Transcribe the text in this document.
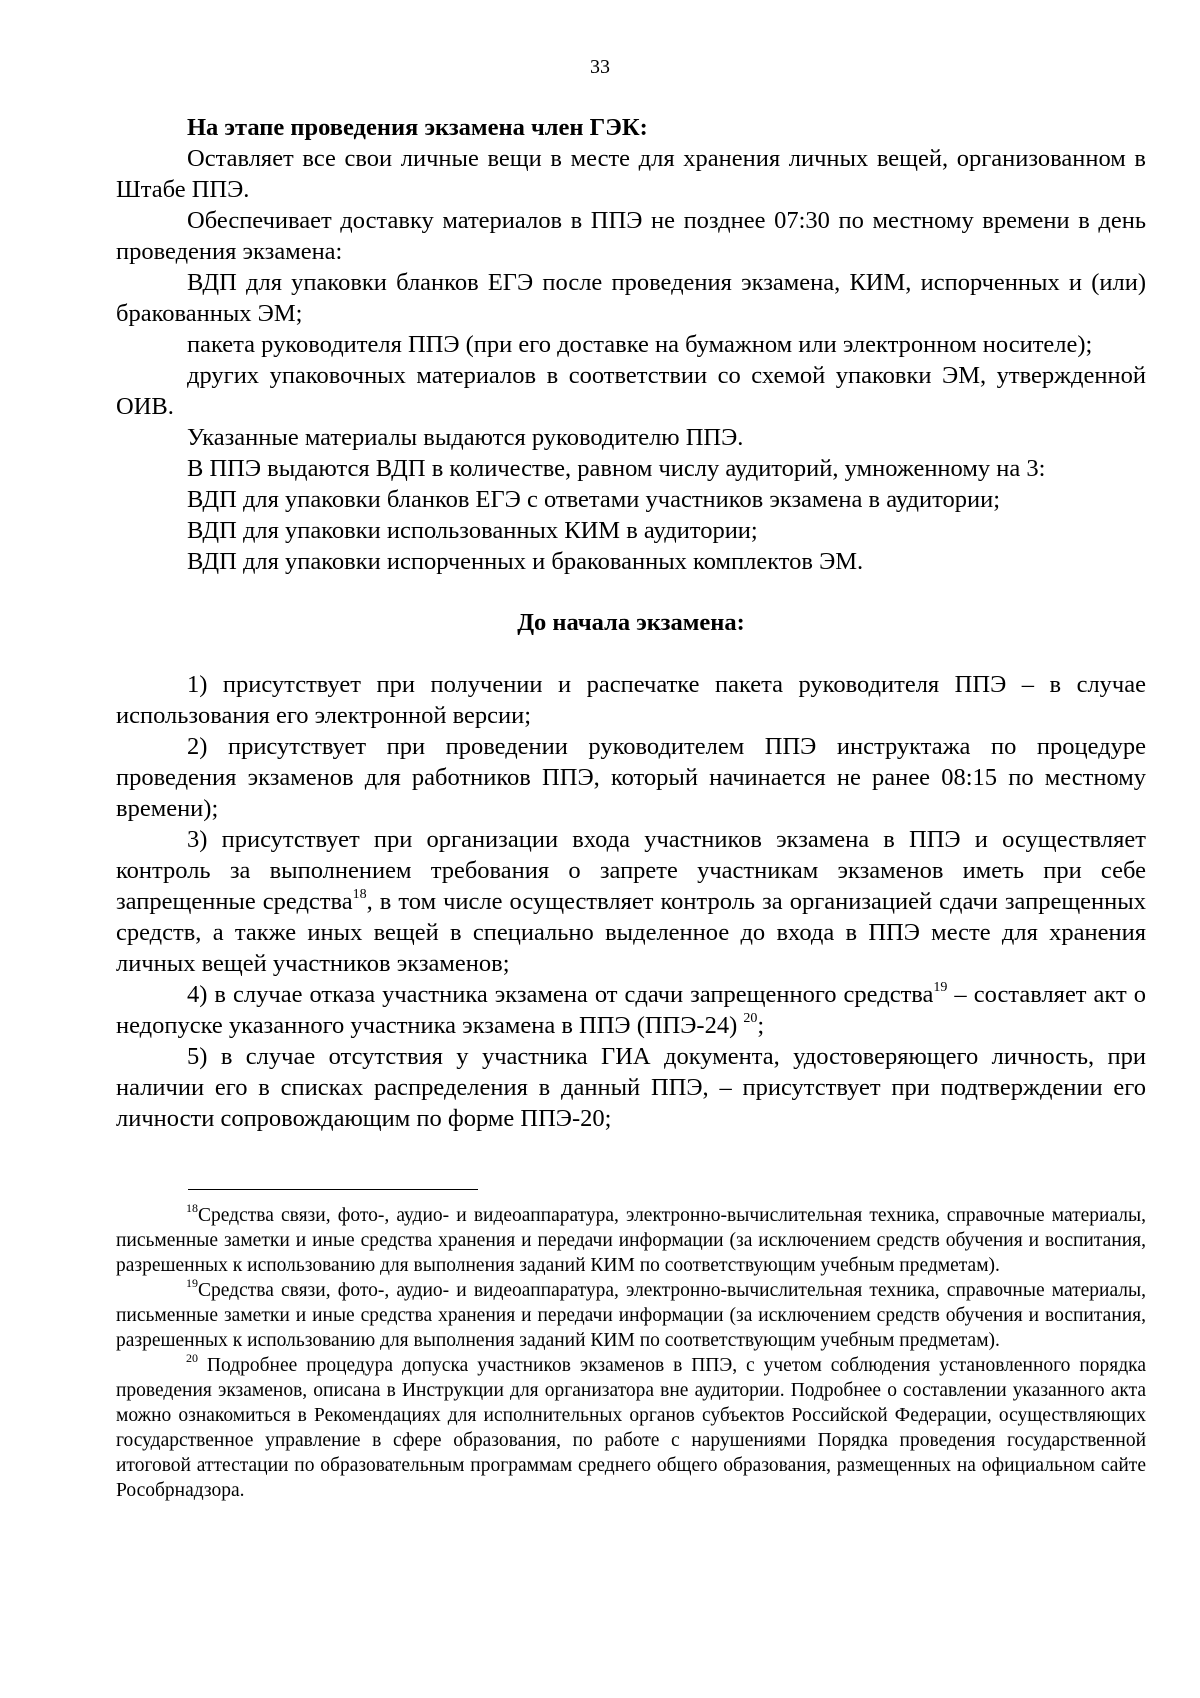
33

На этапе проведения экзамена член ГЭК:

Оставляет все свои личные вещи в месте для хранения личных вещей, организованном в Штабе ППЭ.

Обеспечивает доставку материалов в ППЭ не позднее 07:30 по местному времени в день проведения экзамена:

ВДП для упаковки бланков ЕГЭ после проведения экзамена, КИМ, испорченных и (или) бракованных ЭМ;

пакета руководителя ППЭ (при его доставке на бумажном или электронном носителе);

других упаковочных материалов в соответствии со схемой упаковки ЭМ, утвержденной ОИВ.

Указанные материалы выдаются руководителю ППЭ.

В ППЭ выдаются ВДП в количестве, равном числу аудиторий, умноженному на 3:

ВДП для упаковки бланков ЕГЭ с ответами участников экзамена в аудитории;

ВДП для упаковки использованных КИМ в аудитории;

ВДП для упаковки испорченных и бракованных комплектов ЭМ.

До начала экзамена:

1) присутствует при получении и распечатке пакета руководителя ППЭ – в случае использования его электронной версии;

2) присутствует при проведении руководителем ППЭ инструктажа по процедуре проведения экзаменов для работников ППЭ, который начинается не ранее 08:15 по местному времени);

3) присутствует при организации входа участников экзамена в ППЭ и осуществляет контроль за выполнением требования о запрете участникам экзаменов иметь при себе запрещенные средства$^{18}$, в том числе осуществляет контроль за организацией сдачи запрещенных средств, а также иных вещей в специально выделенное до входа в ППЭ месте для хранения личных вещей участников экзаменов;

4) в случае отказа участника экзамена от сдачи запрещенного средства$^{19}$ – составляет акт о недопуске указанного участника экзамена в ППЭ (ППЭ-24) $^{20}$;

5) в случае отсутствия у участника ГИА документа, удостоверяющего личность, при наличии его в списках распределения в данный ППЭ, – присутствует при подтверждении его личности сопровождающим по форме ППЭ-20;

$^{18}$Средства связи, фото-, аудио- и видеоаппаратура, электронно-вычислительная техника, справочные материалы, письменные заметки и иные средства хранения и передачи информации (за исключением средств обучения и воспитания, разрешенных к использованию для выполнения заданий КИМ по соответствующим учебным предметам).

$^{19}$Средства связи, фото-, аудио- и видеоаппаратура, электронно-вычислительная техника, справочные материалы, письменные заметки и иные средства хранения и передачи информации (за исключением средств обучения и воспитания, разрешенных к использованию для выполнения заданий КИМ по соответствующим учебным предметам).

$^{20}$ Подробнее процедура допуска участников экзаменов в ППЭ, с учетом соблюдения установленного порядка проведения экзаменов, описана в Инструкции для организатора вне аудитории. Подробнее о составлении указанного акта можно ознакомиться в Рекомендациях для исполнительных органов субъектов Российской Федерации, осуществляющих государственное управление в сфере образования, по работе с нарушениями Порядка проведения государственной итоговой аттестации по образовательным программам среднего общего образования, размещенных на официальном сайте Рособрнадзора.
